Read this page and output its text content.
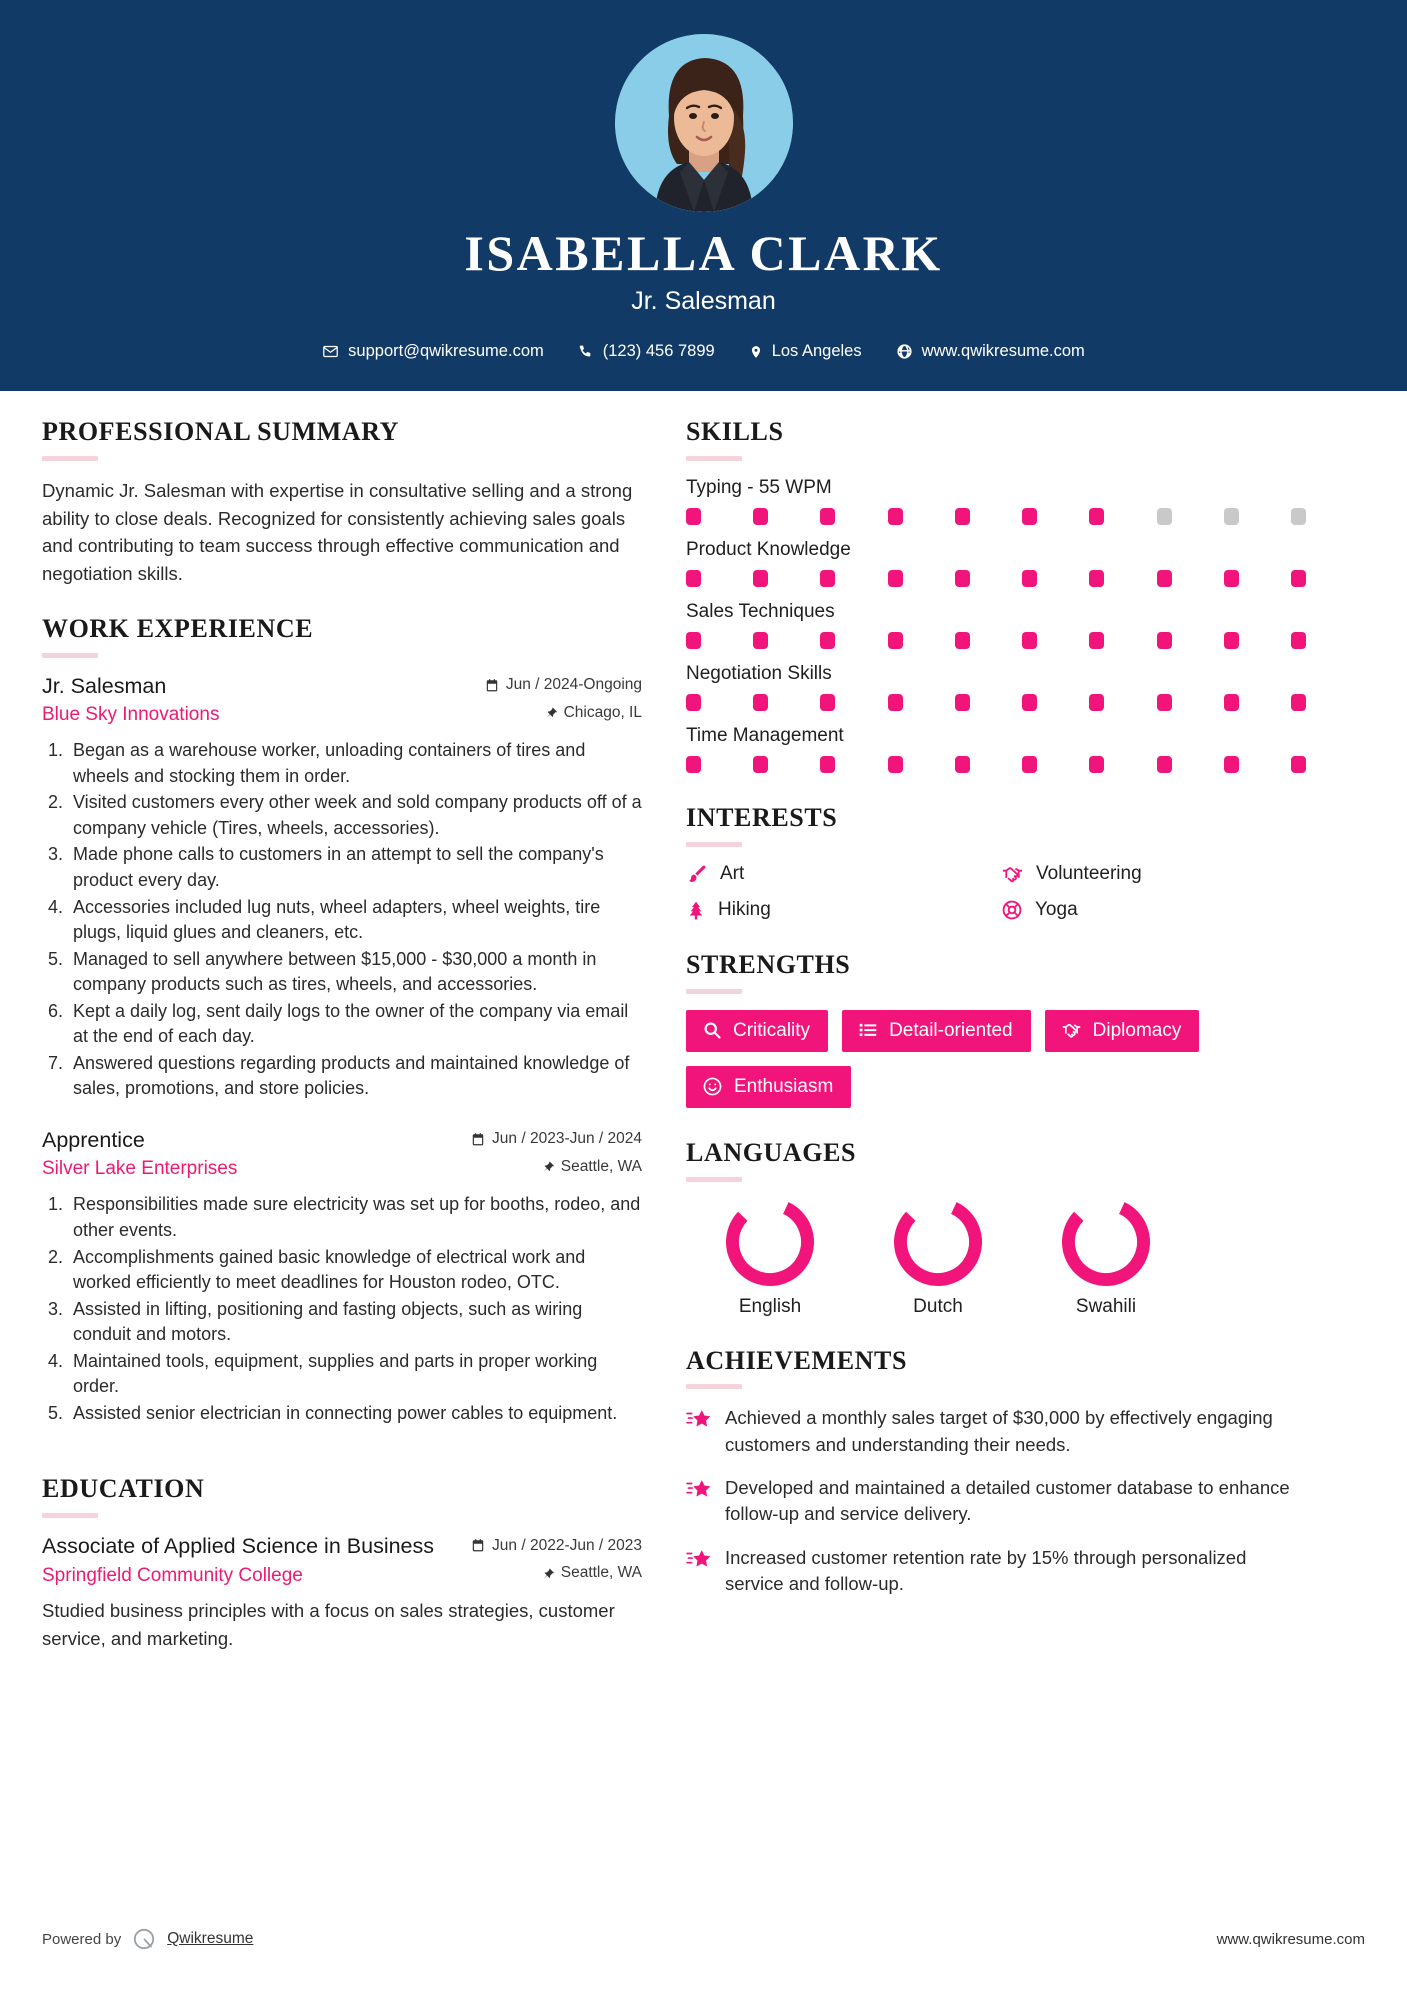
ISABELLA CLARK
Jr. Salesman
support@qwikresume.com	(123) 456 7899	Los Angeles	www.qwikresume.com
PROFESSIONAL SUMMARY
Dynamic Jr. Salesman with expertise in consultative selling and a strong ability to close deals. Recognized for consistently achieving sales goals and contributing to team success through effective communication and negotiation skills.
WORK EXPERIENCE
Jr. Salesman	Jun / 2024-Ongoing
Blue Sky Innovations	Chicago, IL
1. Began as a warehouse worker, unloading containers of tires and wheels and stocking them in order.
2. Visited customers every other week and sold company products off of a company vehicle (Tires, wheels, accessories).
3. Made phone calls to customers in an attempt to sell the company's product every day.
4. Accessories included lug nuts, wheel adapters, wheel weights, tire plugs, liquid glues and cleaners, etc.
5. Managed to sell anywhere between $15,000 - $30,000 a month in company products such as tires, wheels, and accessories.
6. Kept a daily log, sent daily logs to the owner of the company via email at the end of each day.
7. Answered questions regarding products and maintained knowledge of sales, promotions, and store policies.
Apprentice	Jun / 2023-Jun / 2024
Silver Lake Enterprises	Seattle, WA
1. Responsibilities made sure electricity was set up for booths, rodeo, and other events.
2. Accomplishments gained basic knowledge of electrical work and worked efficiently to meet deadlines for Houston rodeo, OTC.
3. Assisted in lifting, positioning and fasting objects, such as wiring conduit and motors.
4. Maintained tools, equipment, supplies and parts in proper working order.
5. Assisted senior electrician in connecting power cables to equipment.
EDUCATION
Associate of Applied Science in Business	Jun / 2022-Jun / 2023
Springfield Community College	Seattle, WA
Studied business principles with a focus on sales strategies, customer service, and marketing.
SKILLS
Typing - 55 WPM
Product Knowledge
Sales Techniques
Negotiation Skills
Time Management
INTERESTS
Art	Volunteering
Hiking	Yoga
STRENGTHS
Criticality	Detail-oriented	Diplomacy
Enthusiasm
LANGUAGES
English	Dutch	Swahili
ACHIEVEMENTS
Achieved a monthly sales target of $30,000 by effectively engaging customers and understanding their needs.
Developed and maintained a detailed customer database to enhance follow-up and service delivery.
Increased customer retention rate by 15% through personalized service and follow-up.
Powered by	Qwikresume	www.qwikresume.com
